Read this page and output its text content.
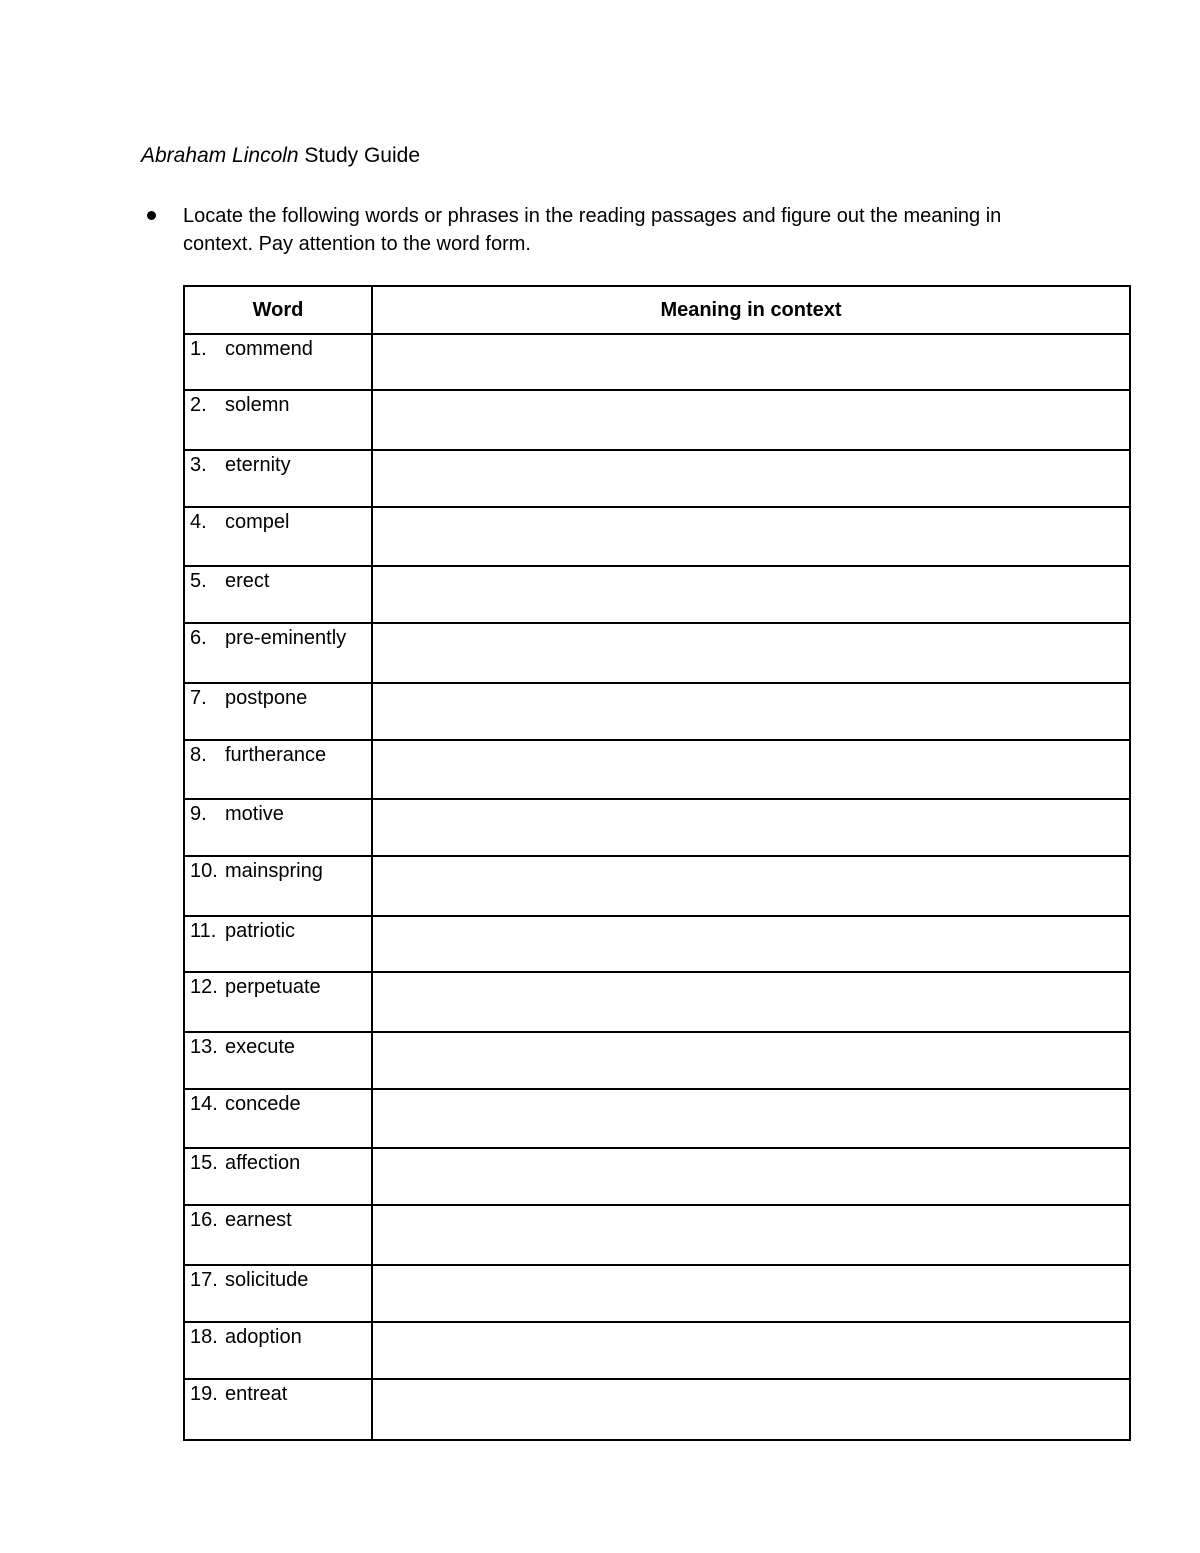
Abraham Lincoln Study Guide
Locate the following words or phrases in the reading passages and figure out the meaning in context. Pay attention to the word form.
Word	Meaning in context

1. commend	

2. solemn	

3. eternity	

4. compel	

5. erect	

6. pre-eminently	

7. postpone	

8. furtherance	

9. motive	

10. mainspring	

11. patriotic	

12. perpetuate	

13. execute	

14. concede	

15. affection	

16. earnest	

17. solicitude	

18. adoption	

19. entreat	
